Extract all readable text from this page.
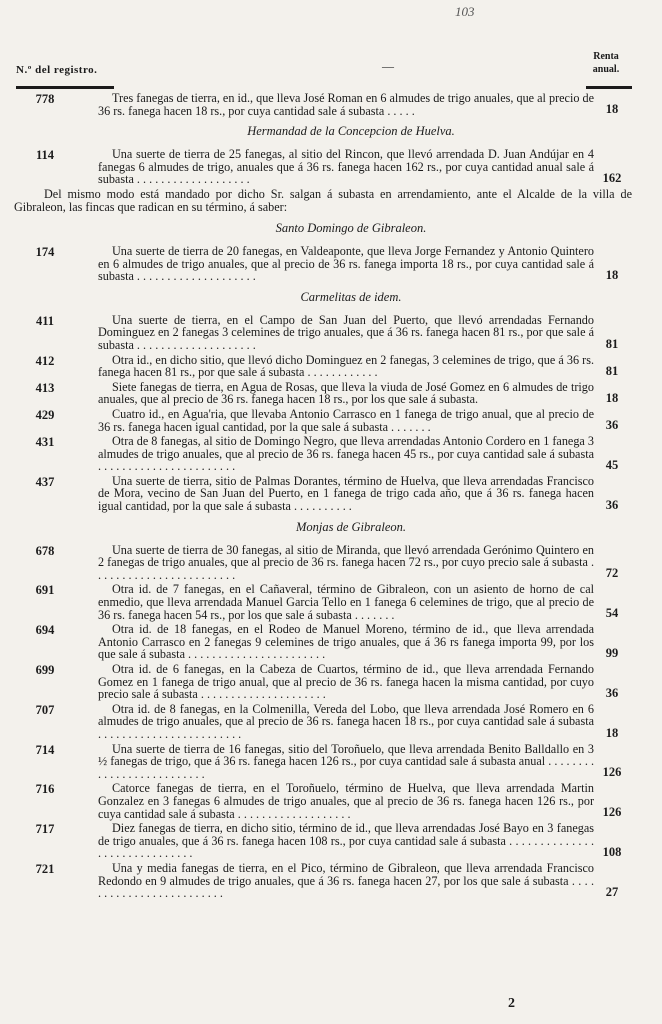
103
N.º del registro.	—
Renta anual.
778	Tres fanegas de tierra, en id., que lleva José Roman en 6 almudes de trigo anuales, que al precio de 36 rs. fanega hacen 18 rs., por cuya cantidad sale á subasta . . . . .	18
Hermandad de la Concepcion de Huelva.
114	Una suerte de tierra de 25 fanegas, al sitio del Rincon, que llevó arrendada D. Juan Andújar en 4 fanegas 6 almudes de trigo, anuales que á 36 rs. fanega hacen 162 rs., por cuya cantidad anual sale á subasta . . . . . . . . . . . . . . . . . . .	162
Del mismo modo está mandado por dicho Sr. salgan á subasta en arrendamiento, ante el Alcalde de la villa de Gibraleon, las fincas que radican en su término, á saber:
Santo Domingo de Gibraleon.
174	Una suerte de tierra de 20 fanegas, en Valdeaponte, que lleva Jorge Fernandez y Antonio Quintero en 6 almudes de trigo anuales, que al precio de 36 rs. fanega importa 18 rs., por cuya cantidad sale á subasta . . . . . . . . . . . . . . . . . . . .	18
Carmelitas de idem.
411	Una suerte de tierra, en el Campo de San Juan del Puerto, que llevó arrendadas Fernando Dominguez en 2 fanegas 3 celemines de trigo anuales, que á 36 rs. fanega hacen 81 rs., por que sale á subasta . . . . . . . . . . . . . . . . . . . .	81
412	Otra id., en dicho sitio, que llevó dicho Dominguez en 2 fanegas, 3 celemines de trigo, que á 36 rs. fanega hacen 81 rs., por que sale á subasta . . . . . . . . . . . .	81
413	Siete fanegas de tierra, en Agua de Rosas, que lleva la viuda de José Gomez en 6 almudes de trigo anuales, que al precio de 36 rs. fanega hacen 18 rs., por los que sale á subasta.	18
429	Cuatro id., en Agua'ria, que llevaba Antonio Carrasco en 1 fanega de trigo anual, que al precio de 36 rs. fanega hacen igual cantidad, por la que sale á subasta . . . . . . .	36
431	Otra de 8 fanegas, al sitio de Domingo Negro, que lleva arrendadas Antonio Cordero en 1 fanega 3 almudes de trigo anuales, que al precio de 36 rs. fanega hacen 45 rs., por cuya cantidad sale á subasta . . . . . . . . . . . . . . . . . . . . . . .	45
437	Una suerte de tierra, sitio de Palmas Dorantes, término de Huelva, que lleva arrendadas Francisco de Mora, vecino de San Juan del Puerto, en 1 fanega de trigo cada año, que á 36 rs. fanega hacen igual cantidad, por la que sale á subasta . . . . . . . . . .	36
Monjas de Gibraleon.
678	Una suerte de tierra de 30 fanegas, al sitio de Miranda, que llevó arrendada Gerónimo Quintero en 2 fanegas de trigo anuales, que al precio de 36 rs. fanega hacen 72 rs., por cuyo precio sale á subasta . . . . . . . . . . . . . . . . . . . . . . . .	72
691	Otra id. de 7 fanegas, en el Cañaveral, término de Gibraleon, con un asiento de horno de cal enmedio, que lleva arrendada Manuel Garcia Tello en 1 fanega 6 celemines de trigo, que al precio de 36 rs. fanega hacen 54 rs., por los que sale á subasta . . . . . . .	54
694	Otra id. de 18 fanegas, en el Rodeo de Manuel Moreno, término de id., que lleva arrendada Antonio Carrasco en 2 fanegas 9 celemines de trigo anuales, que á 36 rs fanega importa 99, por los que sale á subasta . . . . . . . . . . . . . . . . . . . . . . .	99
699	Otra id. de 6 fanegas, en la Cabeza de Cuartos, término de id., que lleva arrendada Fernando Gomez en 1 fanega de trigo anual, que al precio de 36 rs. fanega hacen la misma cantidad, por cuyo precio sale á subasta . . . . . . . . . . . . . . . . . . . . .	36
707	Otra id. de 8 fanegas, en la Colmenilla, Vereda del Lobo, que lleva arrendada José Romero en 6 almudes de trigo anuales, que al precio de 36 rs. fanega hacen 18 rs., por cuya cantidad sale á subasta . . . . . . . . . . . . . . . . . . . . . . . .	18
714	Una suerte de tierra de 16 fanegas, sitio del Toroñuelo, que lleva arrendada Benito Balldallo en 3 ½ fanegas de trigo, que á 36 rs. fanega hacen 126 rs., por cuya cantidad sale á subasta anual . . . . . . . . . . . . . . . . . . . . . . . . . .	126
716	Catorce fanegas de tierra, en el Toroñuelo, término de Huelva, que lleva arrendada Martin Gonzalez en 3 fanegas 6 almudes de trigo anuales, que al precio de 36 rs. fanega hacen 126 rs., por cuya cantidad sale á subasta . . . . . . . . . . . . . . . . . . .	126
717	Diez fanegas de tierra, en dicho sitio, término de id., que lleva arrendadas José Bayo en 3 fanegas de trigo anuales, que á 36 rs. fanega hacen 108 rs., por cuya cantidad sale á subasta . . . . . . . . . . . . . . . . . . . . . . . . . . . . . .	108
721	Una y media fanegas de tierra, en el Pico, término de Gibraleon, que lleva arrendada Francisco Redondo en 9 almudes de trigo anuales, que á 36 rs. fanega hacen 27, por los que sale á subasta . . . . . . . . . . . . . . . . . . . . . . . . .	27
2
